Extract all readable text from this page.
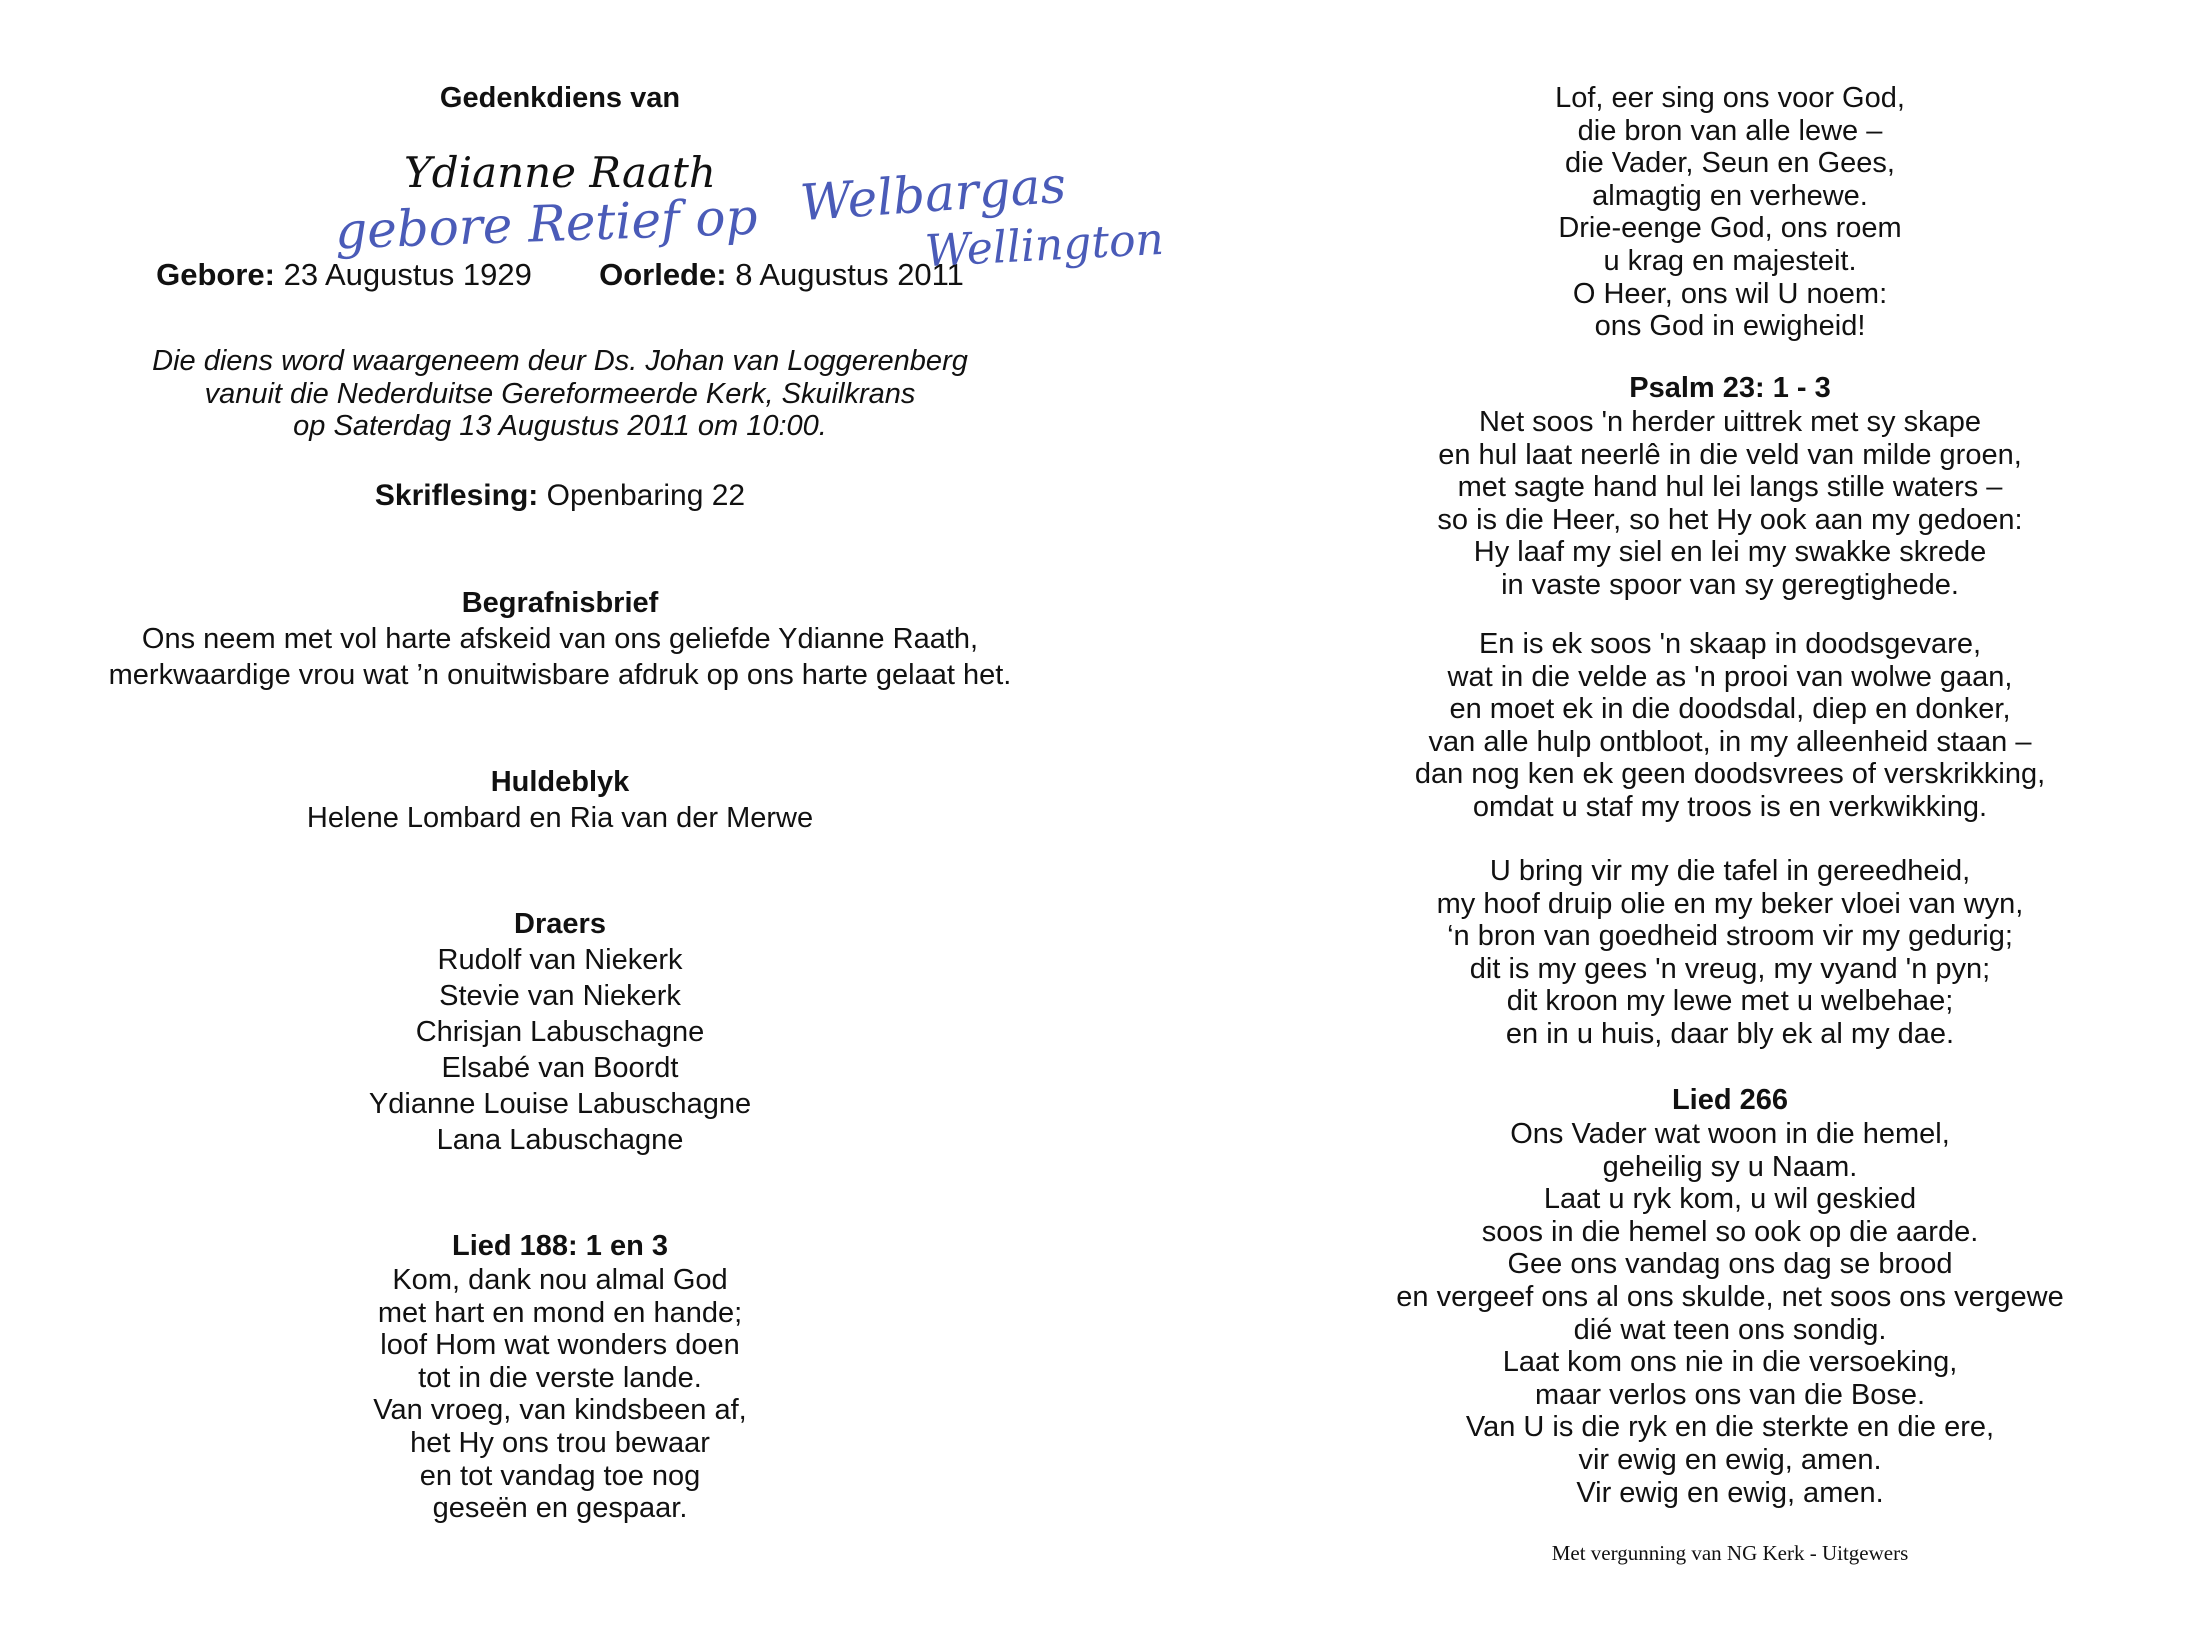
Gedenkdiens van
Ydianne Raath
Gebore: 23 Augustus 1929 Oorlede: 8 Augustus 2011
Die diens word waargeneem deur Ds. Johan van Loggerenberg
vanuit die Nederduitse Gereformeerde Kerk, Skuilkrans
op Saterdag 13 Augustus 2011 om 10:00.
Skriflesing: Openbaring 22
Begrafnisbrief
Ons neem met vol harte afskeid van ons geliefde Ydianne Raath,
merkwaardige vrou wat ’n onuitwisbare afdruk op ons harte gelaat het.
Huldeblyk
Helene Lombard en Ria van der Merwe
Draers
Rudolf van Niekerk
Stevie van Niekerk
Chrisjan Labuschagne
Elsabé van Boordt
Ydianne Louise Labuschagne
Lana Labuschagne
Lied 188: 1 en 3
Kom, dank nou almal God
met hart en mond en hande;
loof Hom wat wonders doen
tot in die verste lande.
Van vroeg, van kindsbeen af,
het Hy ons trou bewaar
en tot vandag toe nog
geseën en gespaar.
gebore Retief op Welbargas
Wellington
Lof, eer sing ons voor God,
die bron van alle lewe –
die Vader, Seun en Gees,
almagtig en verhewe.
Drie-eenge God, ons roem
u krag en majesteit.
O Heer, ons wil U noem:
ons God in ewigheid!
Psalm 23: 1 - 3
Net soos 'n herder uittrek met sy skape
en hul laat neerlê in die veld van milde groen,
met sagte hand hul lei langs stille waters –
so is die Heer, so het Hy ook aan my gedoen:
Hy laaf my siel en lei my swakke skrede
in vaste spoor van sy geregtighede.
En is ek soos 'n skaap in doodsgevare,
wat in die velde as 'n prooi van wolwe gaan,
en moet ek in die doodsdal, diep en donker,
van alle hulp ontbloot, in my alleenheid staan –
dan nog ken ek geen doodsvrees of verskrikking,
omdat u staf my troos is en verkwikking.
U bring vir my die tafel in gereedheid,
my hoof druip olie en my beker vloei van wyn,
‘n bron van goedheid stroom vir my gedurig;
dit is my gees 'n vreug, my vyand 'n pyn;
dit kroon my lewe met u welbehae;
en in u huis, daar bly ek al my dae.
Lied 266
Ons Vader wat woon in die hemel,
geheilig sy u Naam.
Laat u ryk kom, u wil geskied
soos in die hemel so ook op die aarde.
Gee ons vandag ons dag se brood
en vergeef ons al ons skulde, net soos ons vergewe
dié wat teen ons sondig.
Laat kom ons nie in die versoeking,
maar verlos ons van die Bose.
Van U is die ryk en die sterkte en die ere,
vir ewig en ewig, amen.
Vir ewig en ewig, amen.
Met vergunning van NG Kerk - Uitgewers
